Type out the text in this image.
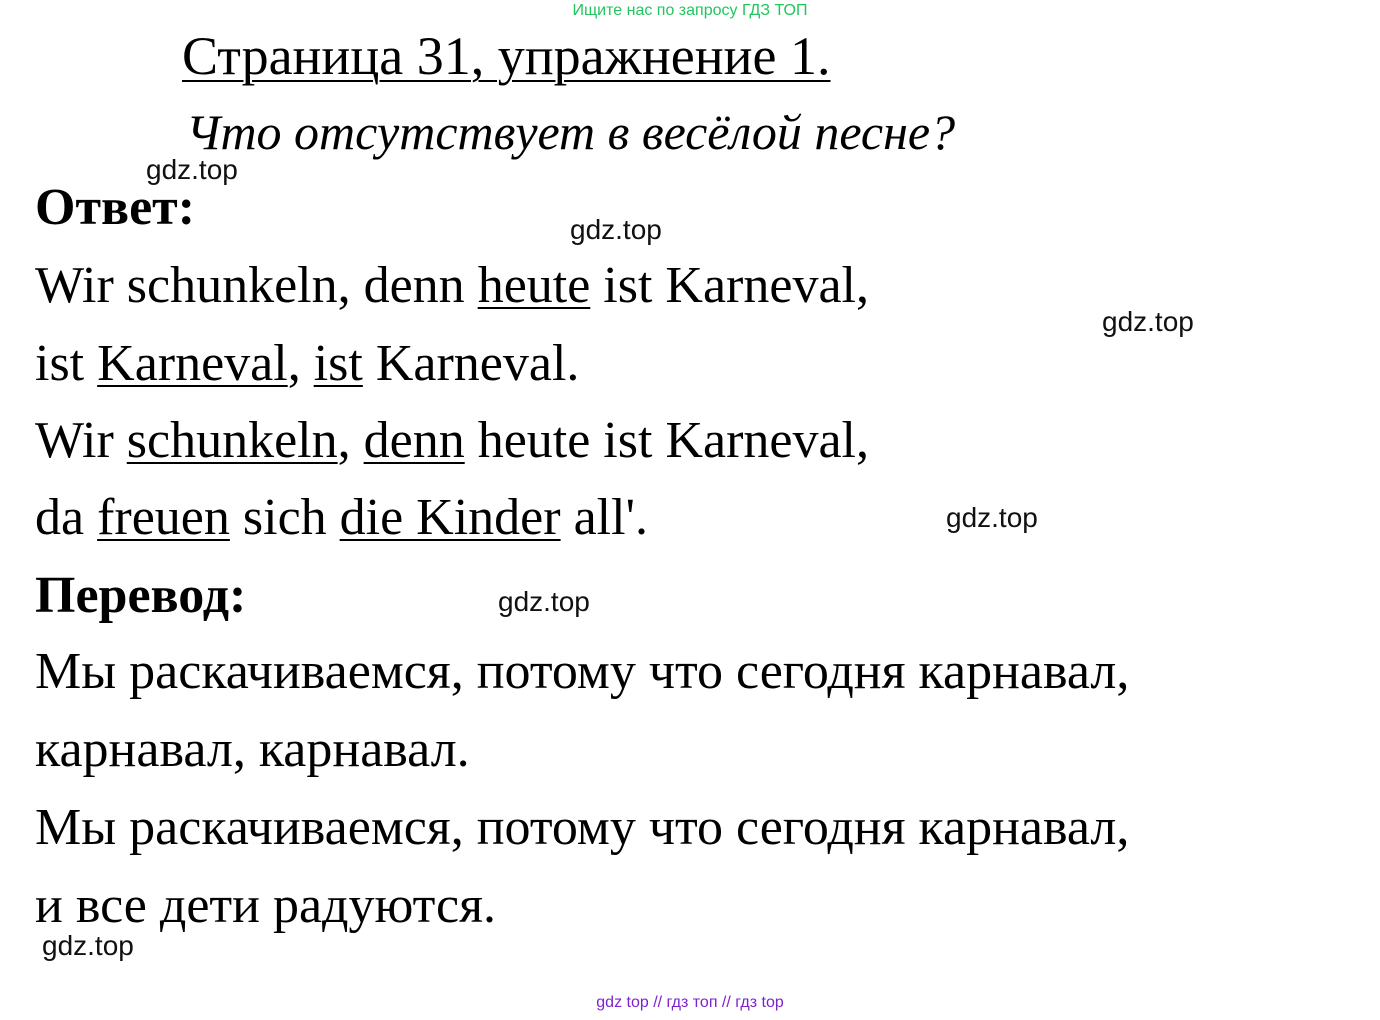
Ищите нас по запросу ГДЗ ТОП
Страница 31, упражнение 1.
Что отсутствует в весёлой песне?
Ответ:
Wir schunkeln, denn heute ist Karneval,
ist Karneval, ist Karneval.
Wir schunkeln, denn heute ist Karneval,
da freuen sich die Kinder all'.
Перевод:
Мы раскачиваемся, потому что сегодня карнавал,
карнавал, карнавал.
Мы раскачиваемся, потому что сегодня карнавал,
и все дети радуются.
gdz.top
gdz.top
gdz.top
gdz.top
gdz.top
gdz.top
gdz top // гдз топ // гдз top
